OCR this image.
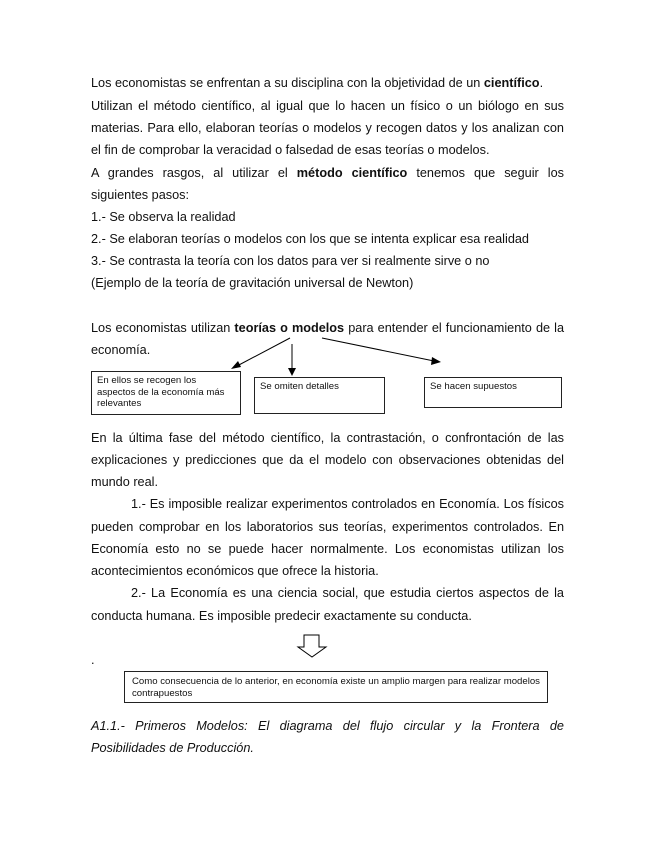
Los economistas se enfrentan a su disciplina con la objetividad de un científico.
Utilizan el método científico, al igual que lo hacen un físico o un biólogo en sus
materias. Para ello, elaboran teorías o modelos y recogen datos y los analizan con
el fin de comprobar la veracidad o falsedad de esas teorías o modelos.
A grandes rasgos, al utilizar el método científico tenemos que seguir los
siguientes pasos:
1.- Se observa la realidad
2.- Se elaboran teorías o modelos con los que se intenta explicar esa realidad
3.- Se contrasta la teoría con los datos para ver si realmente sirve o no
(Ejemplo de la teoría de gravitación universal de Newton)
Los economistas utilizan teorías o modelos para entender el funcionamiento de la
economía.
En ellos se recogen los aspectos de la economía más relevantes
Se omiten detalles	Se hacen supuestos
En la última fase del método científico, la contrastación, o confrontación de las
explicaciones y predicciones que da el modelo con observaciones obtenidas del
mundo real.
1.- Es imposible realizar experimentos controlados en Economía. Los físicos
pueden comprobar en los laboratorios sus teorías, experimentos controlados. En
Economía esto no se puede hacer normalmente. Los economistas utilizan los
acontecimientos económicos que ofrece la historia.
2.- La Economía es una ciencia social, que estudia ciertos aspectos de la
conducta humana. Es imposible predecir exactamente su conducta.
.
Como consecuencia de lo anterior, en economía existe un amplio margen para realizar modelos contrapuestos
A1.1.- Primeros Modelos: El diagrama del flujo circular y la Frontera de
Posibilidades de Producción.
